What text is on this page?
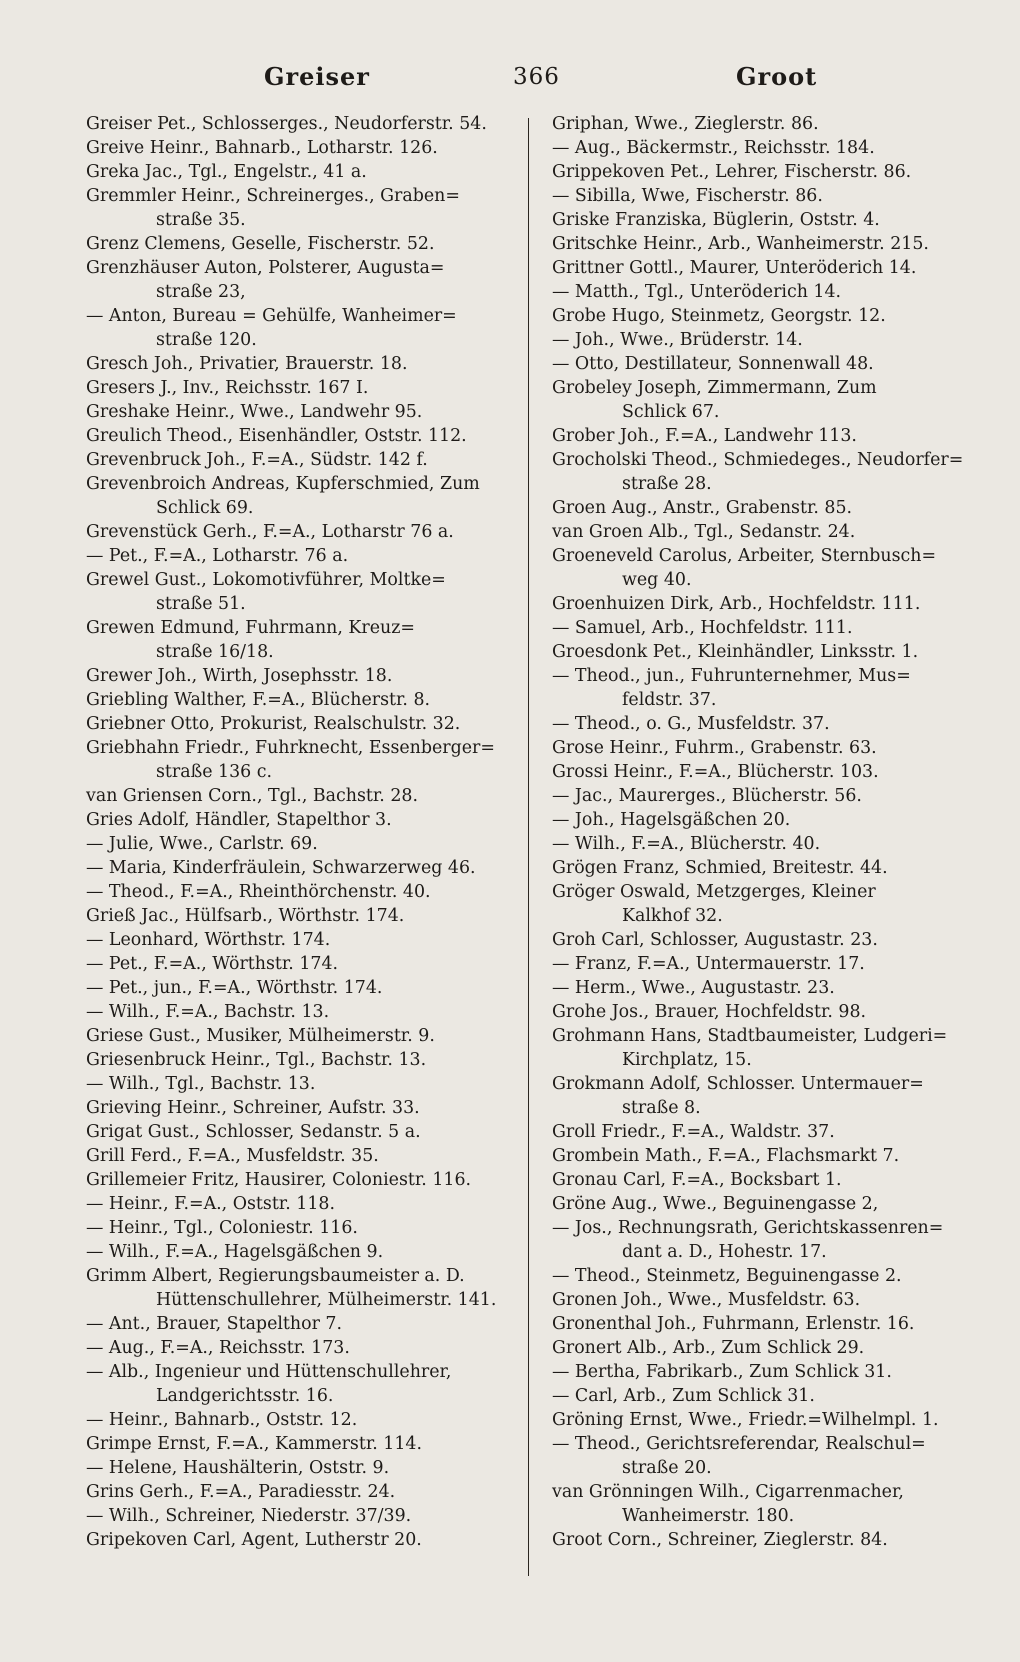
Greiser	366	Groot
Greiser Pet., Schlosserges., Neudorferstr. 54.
Greive Heinr., Bahnarb., Lotharstr. 126.
Greka Jac., Tgl., Engelstr., 41 a.
Gremmler Heinr., Schreinerges., Graben=
straße 35.
Grenz Clemens, Geselle, Fischerstr. 52.
Grenzhäuser Auton, Polsterer, Augusta=
straße 23,
— Anton, Bureau = Gehülfe, Wanheimer=
straße 120.
Gresch Joh., Privatier, Brauerstr. 18.
Gresers J., Inv., Reichsstr. 167 I.
Greshake Heinr., Wwe., Landwehr 95.
Greulich Theod., Eisenhändler, Oststr. 112.
Grevenbruck Joh., F.=A., Südstr. 142 f.
Grevenbroich Andreas, Kupferschmied, Zum
Schlick 69.
Grevenstück Gerh., F.=A., Lotharstr 76 a.
— Pet., F.=A., Lotharstr. 76 a.
Grewel Gust., Lokomotivführer, Moltke=
straße 51.
Grewen Edmund, Fuhrmann, Kreuz=
straße 16/18.
Grewer Joh., Wirth, Josephsstr. 18.
Griebling Walther, F.=A., Blücherstr. 8.
Griebner Otto, Prokurist, Realschulstr. 32.
Griebhahn Friedr., Fuhrknecht, Essenberger=
straße 136 c.
van Griensen Corn., Tgl., Bachstr. 28.
Gries Adolf, Händler, Stapelthor 3.
— Julie, Wwe., Carlstr. 69.
— Maria, Kinderfräulein, Schwarzerweg 46.
— Theod., F.=A., Rheinthörchenstr. 40.
Grieß Jac., Hülfsarb., Wörthstr. 174.
— Leonhard, Wörthstr. 174.
— Pet., F.=A., Wörthstr. 174.
— Pet., jun., F.=A., Wörthstr. 174.
— Wilh., F.=A., Bachstr. 13.
Griese Gust., Musiker, Mülheimerstr. 9.
Griesenbruck Heinr., Tgl., Bachstr. 13.
— Wilh., Tgl., Bachstr. 13.
Grieving Heinr., Schreiner, Aufstr. 33.
Grigat Gust., Schlosser, Sedanstr. 5 a.
Grill Ferd., F.=A., Musfeldstr. 35.
Grillemeier Fritz, Hausirer, Coloniestr. 116.
— Heinr., F.=A., Oststr. 118.
— Heinr., Tgl., Coloniestr. 116.
— Wilh., F.=A., Hagelsgäßchen 9.
Grimm Albert, Regierungsbaumeister a. D.
Hüttenschullehrer, Mülheimerstr. 141.
— Ant., Brauer, Stapelthor 7.
— Aug., F.=A., Reichsstr. 173.
— Alb., Ingenieur und Hüttenschullehrer,
Landgerichtsstr. 16.
— Heinr., Bahnarb., Oststr. 12.
Grimpe Ernst, F.=A., Kammerstr. 114.
— Helene, Haushälterin, Oststr. 9.
Grins Gerh., F.=A., Paradiesstr. 24.
— Wilh., Schreiner, Niederstr. 37/39.
Gripekoven Carl, Agent, Lutherstr 20.
Griphan, Wwe., Zieglerstr. 86.
— Aug., Bäckermstr., Reichsstr. 184.
Grippekoven Pet., Lehrer, Fischerstr. 86.
— Sibilla, Wwe, Fischerstr. 86.
Griske Franziska, Büglerin, Oststr. 4.
Gritschke Heinr., Arb., Wanheimerstr. 215.
Grittner Gottl., Maurer, Unteröderich 14.
— Matth., Tgl., Unteröderich 14.
Grobe Hugo, Steinmetz, Georgstr. 12.
— Joh., Wwe., Brüderstr. 14.
— Otto, Destillateur, Sonnenwall 48.
Grobeley Joseph, Zimmermann, Zum
Schlick 67.
Grober Joh., F.=A., Landwehr 113.
Grocholski Theod., Schmiedeges., Neudorfer=
straße 28.
Groen Aug., Anstr., Grabenstr. 85.
van Groen Alb., Tgl., Sedanstr. 24.
Groeneveld Carolus, Arbeiter, Sternbusch=
weg 40.
Groenhuizen Dirk, Arb., Hochfeldstr. 111.
— Samuel, Arb., Hochfeldstr. 111.
Groesdonk Pet., Kleinhändler, Linksstr. 1.
— Theod., jun., Fuhrunternehmer, Mus=
feldstr. 37.
— Theod., o. G., Musfeldstr. 37.
Grose Heinr., Fuhrm., Grabenstr. 63.
Grossi Heinr., F.=A., Blücherstr. 103.
— Jac., Maurerges., Blücherstr. 56.
— Joh., Hagelsgäßchen 20.
— Wilh., F.=A., Blücherstr. 40.
Grögen Franz, Schmied, Breitestr. 44.
Gröger Oswald, Metzgerges, Kleiner
Kalkhof 32.
Groh Carl, Schlosser, Augustastr. 23.
— Franz, F.=A., Untermauerstr. 17.
— Herm., Wwe., Augustastr. 23.
Grohe Jos., Brauer, Hochfeldstr. 98.
Grohmann Hans, Stadtbaumeister, Ludgeri=
Kirchplatz, 15.
Grokmann Adolf, Schlosser. Untermauer=
straße 8.
Groll Friedr., F.=A., Waldstr. 37.
Grombein Math., F.=A., Flachsmarkt 7.
Gronau Carl, F.=A., Bocksbart 1.
Gröne Aug., Wwe., Beguinengasse 2,
— Jos., Rechnungsrath, Gerichtskassenren=
dant a. D., Hohestr. 17.
— Theod., Steinmetz, Beguinengasse 2.
Gronen Joh., Wwe., Musfeldstr. 63.
Gronenthal Joh., Fuhrmann, Erlenstr. 16.
Gronert Alb., Arb., Zum Schlick 29.
— Bertha, Fabrikarb., Zum Schlick 31.
— Carl, Arb., Zum Schlick 31.
Gröning Ernst, Wwe., Friedr.=Wilhelmpl. 1.
— Theod., Gerichtsreferendar, Realschul=
straße 20.
van Grönningen Wilh., Cigarrenmacher,
Wanheimerstr. 180.
Groot Corn., Schreiner, Zieglerstr. 84.
